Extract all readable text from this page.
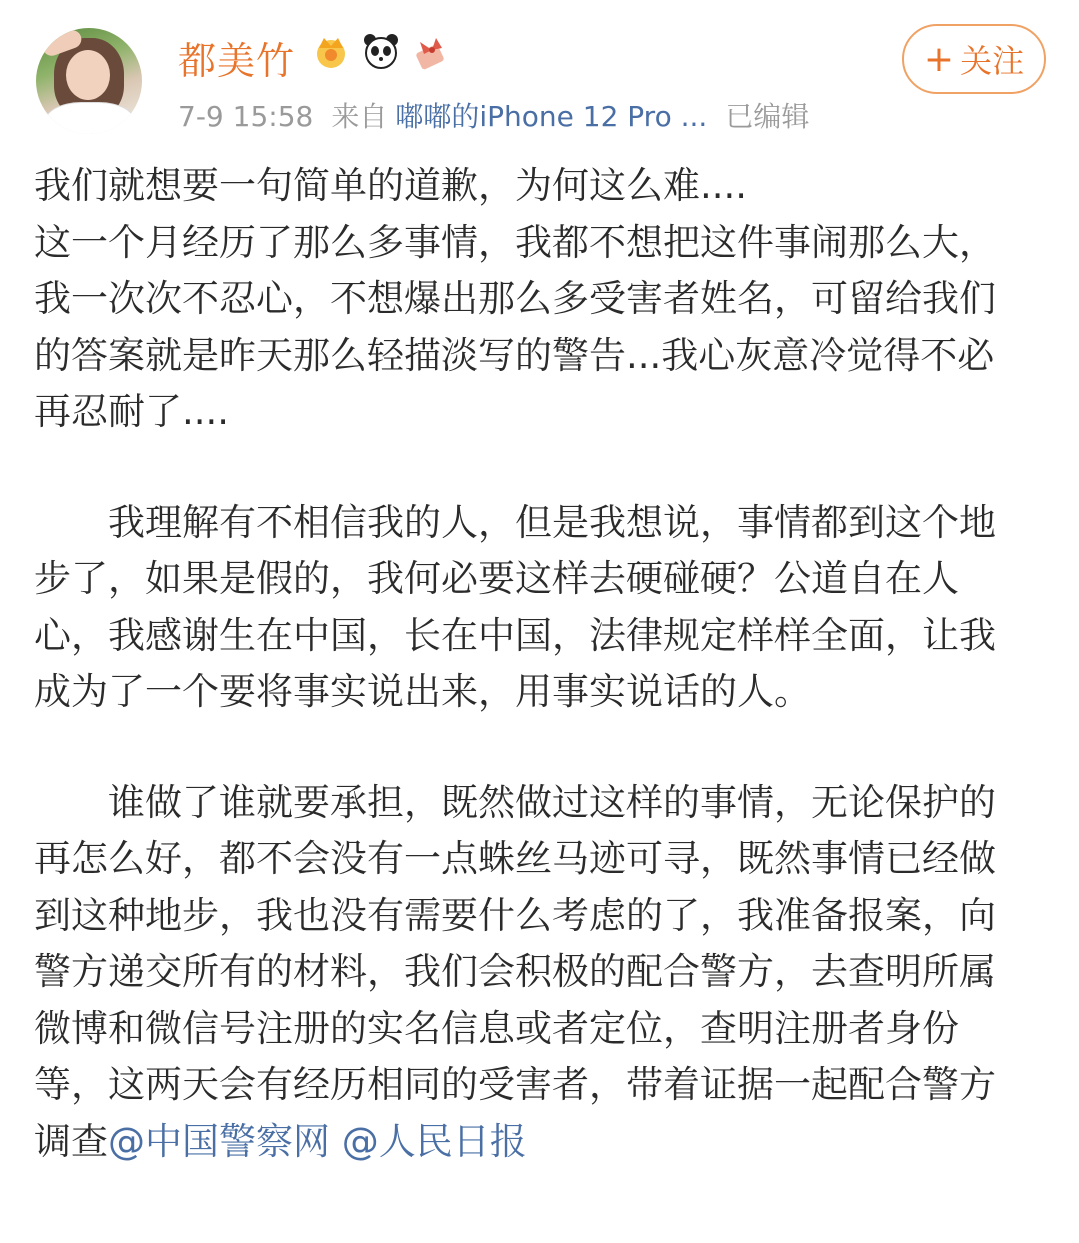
都美竹
7-9 15:58 来自 嘟嘟的iPhone 12 Pro ... 已编辑
+ 关注

我们就想要一句简单的道歉，为何这么难....
这一个月经历了那么多事情，我都不想把这件事闹那么大，我一次次不忍心，不想爆出那么多受害者姓名，可留给我们的答案就是昨天那么轻描淡写的警告...我心灰意冷觉得不必再忍耐了....

　　我理解有不相信我的人，但是我想说，事情都到这个地步了，如果是假的，我何必要这样去硬碰硬？公道自在人心，我感谢生在中国，长在中国，法律规定样样全面，让我成为了一个要将事实说出来，用事实说话的人。

　　谁做了谁就要承担，既然做过这样的事情，无论保护的再怎么好，都不会没有一点蛛丝马迹可寻，既然事情已经做到这种地步，我也没有需要什么考虑的了，我准备报案，向警方递交所有的材料，我们会积极的配合警方，去查明所属微博和微信号注册的实名信息或者定位，查明注册者身份等，这两天会有经历相同的受害者，带着证据一起配合警方调查@中国警察网 @人民日报
